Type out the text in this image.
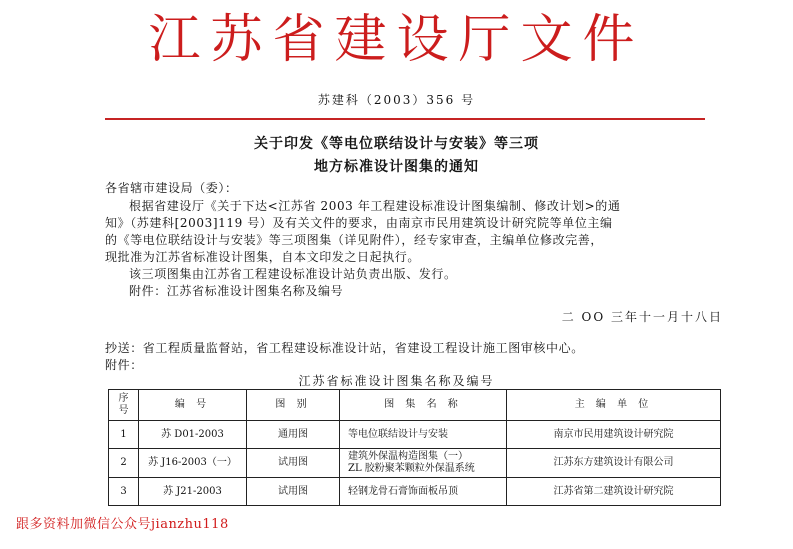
江苏省建设厅文件
苏建科（2003）356 号
关于印发《等电位联结设计与安装》等三项
地方标准设计图集的通知
各省辖市建设局（委）：
根据省建设厅《关于下达<江苏省 2003 年工程建设标准设计图集编制、修改计划>的通
知》（苏建科[2003]119 号）及有关文件的要求，由南京市民用建筑设计研究院等单位主编
的《等电位联结设计与安装》等三项图集（详见附件），经专家审查，主编单位修改完善，
现批准为江苏省标准设计图集，自本文印发之日起执行。
该三项图集由江苏省工程建设标准设计站负责出版、发行。
附件：江苏省标准设计图集名称及编号
二 OO 三年十一月十八日
抄送：省工程质量监督站，省工程建设标准设计站，省建设工程设计施工图审核中心。
附件：
江苏省标准设计图集名称及编号
序
号	编 号	图 别	图 集 名 称	主 编 单 位
1	苏 D01-2003	通用图	等电位联结设计与安装	南京市民用建筑设计研究院
2	苏 J16-2003（一）	试用图	建筑外保温构造图集（一）
ZL 胶粉聚苯颗粒外保温系统	江苏东方建筑设计有限公司
3	苏 J21-2003	试用图	轻钢龙骨石膏饰面板吊顶	江苏省第二建筑设计研究院
跟多资料加微信公众号jianzhu118
